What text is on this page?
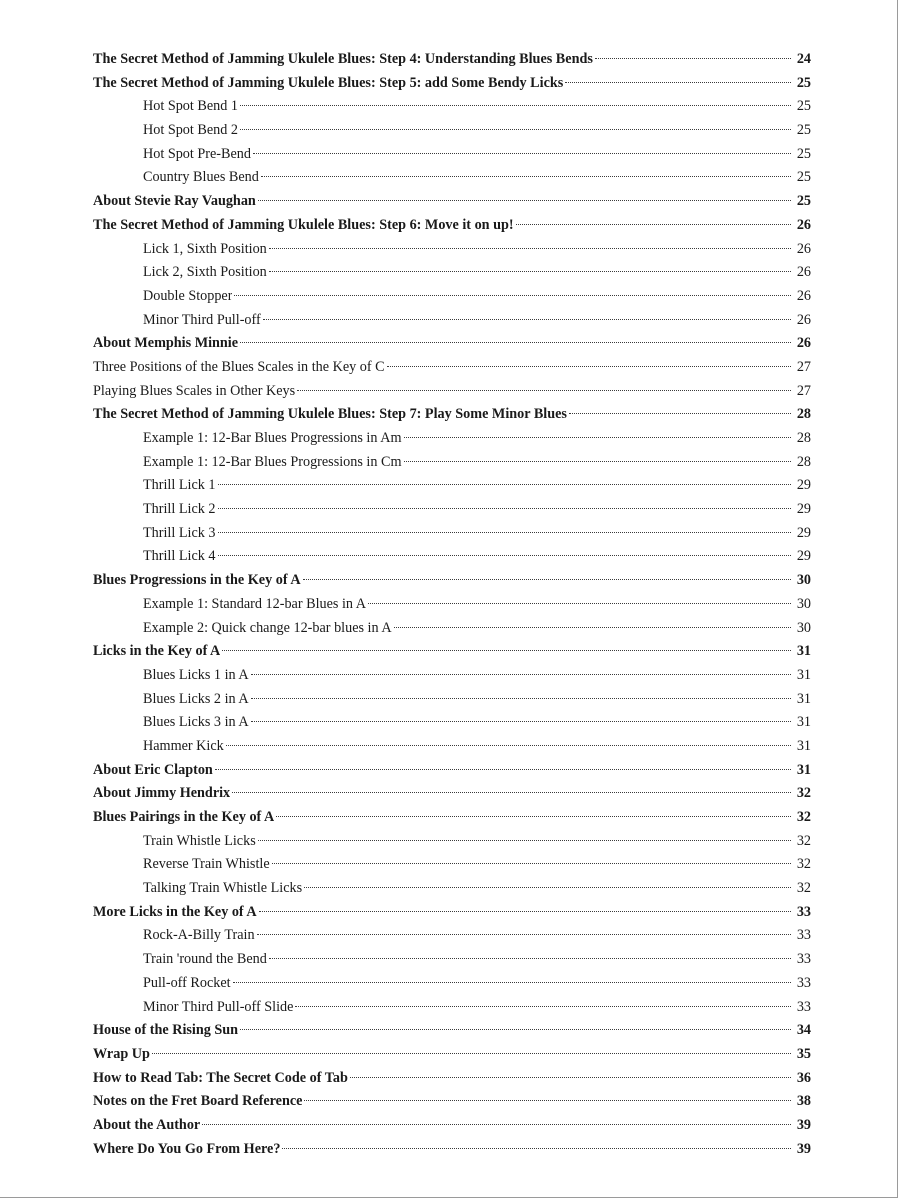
The Secret Method of Jamming Ukulele Blues: Step 4: Understanding Blues Bends	24
The Secret Method of Jamming Ukulele Blues: Step 5: add Some Bendy Licks	25
Hot Spot Bend 1	25
Hot Spot Bend 2	25
Hot Spot Pre-Bend	25
Country Blues Bend	25
About Stevie Ray Vaughan	25
The Secret Method of Jamming Ukulele Blues: Step 6: Move it on up!	26
Lick 1, Sixth Position	26
Lick 2, Sixth Position	26
Double Stopper	26
Minor Third Pull-off	26
About Memphis Minnie	26
Three Positions of the Blues Scales in the Key of C	27
Playing Blues Scales in Other Keys	27
The Secret Method of Jamming Ukulele Blues: Step 7: Play Some Minor Blues	28
Example 1: 12-Bar Blues Progressions in Am	28
Example 1: 12-Bar Blues Progressions in Cm	28
Thrill Lick 1	29
Thrill Lick 2	29
Thrill Lick 3	29
Thrill Lick 4	29
Blues Progressions in the Key of A	30
Example 1: Standard 12-bar Blues in A	30
Example 2: Quick change 12-bar blues in A	30
Licks in the Key of A	31
Blues Licks 1 in A	31
Blues Licks 2 in A	31
Blues Licks 3 in A	31
Hammer Kick	31
About Eric Clapton	31
About Jimmy Hendrix	32
Blues Pairings in the Key of A	32
Train Whistle Licks	32
Reverse Train Whistle	32
Talking Train Whistle Licks	32
More Licks in the Key of A	33
Rock-A-Billy Train	33
Train 'round the Bend	33
Pull-off Rocket	33
Minor Third Pull-off Slide	33
House of the Rising Sun	34
Wrap Up	35
How to Read Tab: The Secret Code of Tab	36
Notes on the Fret Board Reference	38
About the Author	39
Where Do You Go From Here?	39
